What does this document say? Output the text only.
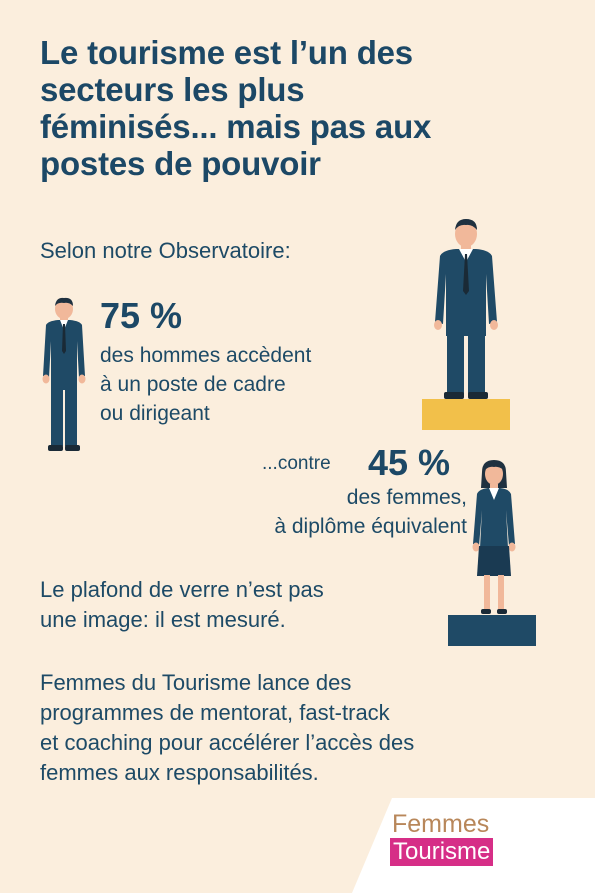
Le tourisme est l’un des
secteurs les plus
féminisés... mais pas aux
postes de pouvoir
Selon notre Observatoire:
75 %
des hommes accèdent
à un poste de cadre
ou dirigeant
...contre 45 %
des femmes,
à diplôme équivalent
Le plafond de verre n’est pas
une image: il est mesuré.
Femmes du Tourisme lance des
programmes de mentorat, fast-track
et coaching pour accélérer l’accès des
femmes aux responsabilités.
Femmes
Tourisme
